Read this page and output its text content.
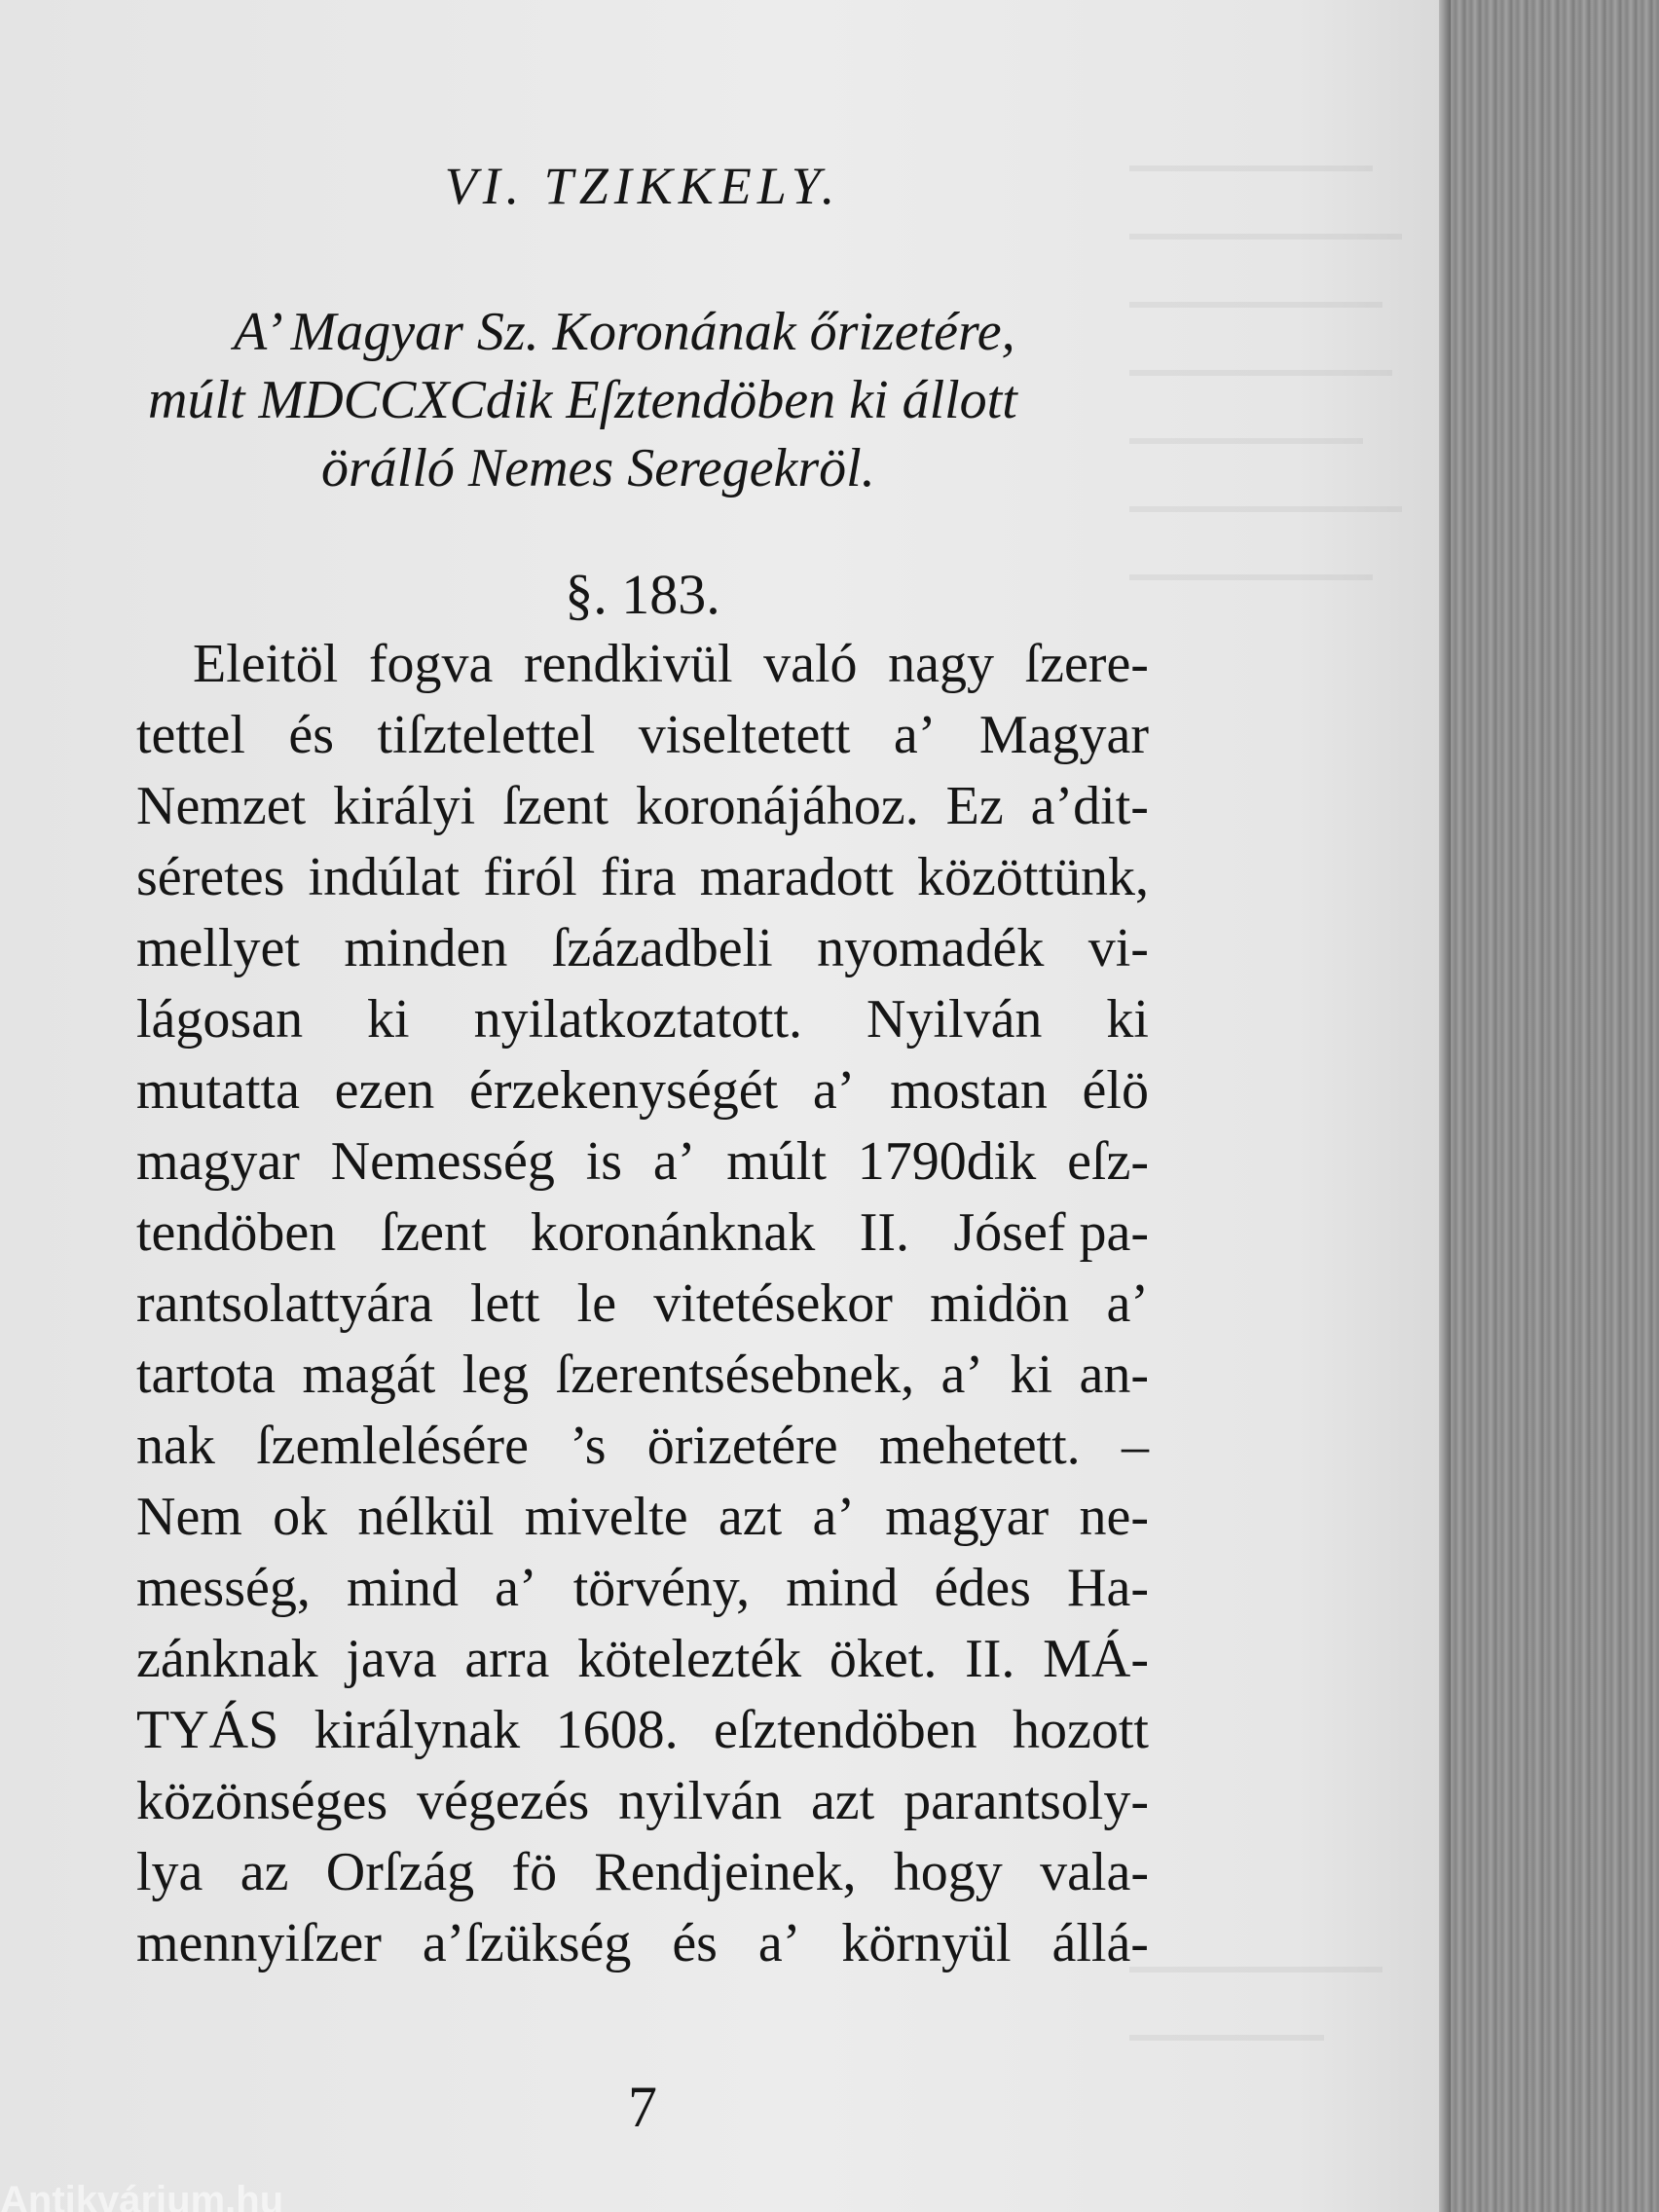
VI. TZIKKELY.
A’ Magyar Sz. Koronának őrizetére,
múlt MDCCXCdik Eſztendöben ki állott
örálló Nemes Seregekröl.
§. 183.
Eleitöl fogva rendkivül való nagy ſzere-
tettel és tiſztelettel viseltetett a’ Magyar
Nemzet királyi ſzent koronájához. Ez a’dit-
séretes indúlat firól fira maradott közöttünk,
mellyet minden ſzázadbeli nyomadék vi-
lágosan ki nyilatkoztatott. Nyilván ki
mutatta ezen érzekenységét a’ mostan élö
magyar Nemesség is a’ múlt 1790dik eſz-
tendöben ſzent koronánknak II. Jósef pa-
rantsolattyára lett le vitetésekor midön a’
tartota magát leg ſzerentsésebnek, a’ ki an-
nak ſzemlelésére ’s örizetére mehetett. –
Nem ok nélkül mivelte azt a’ magyar ne-
messég, mind a’ törvény, mind édes Ha-
zánknak java arra kötelezték öket. II. MÁ-
TYÁS királynak 1608. eſztendöben hozott
közönséges végezés nyilván azt parantsoly-
lya az Orſzág fö Rendjeinek, hogy vala-
mennyiſzer a’ſzükség és a’ környül állá-
7
Antikvárium.hu
